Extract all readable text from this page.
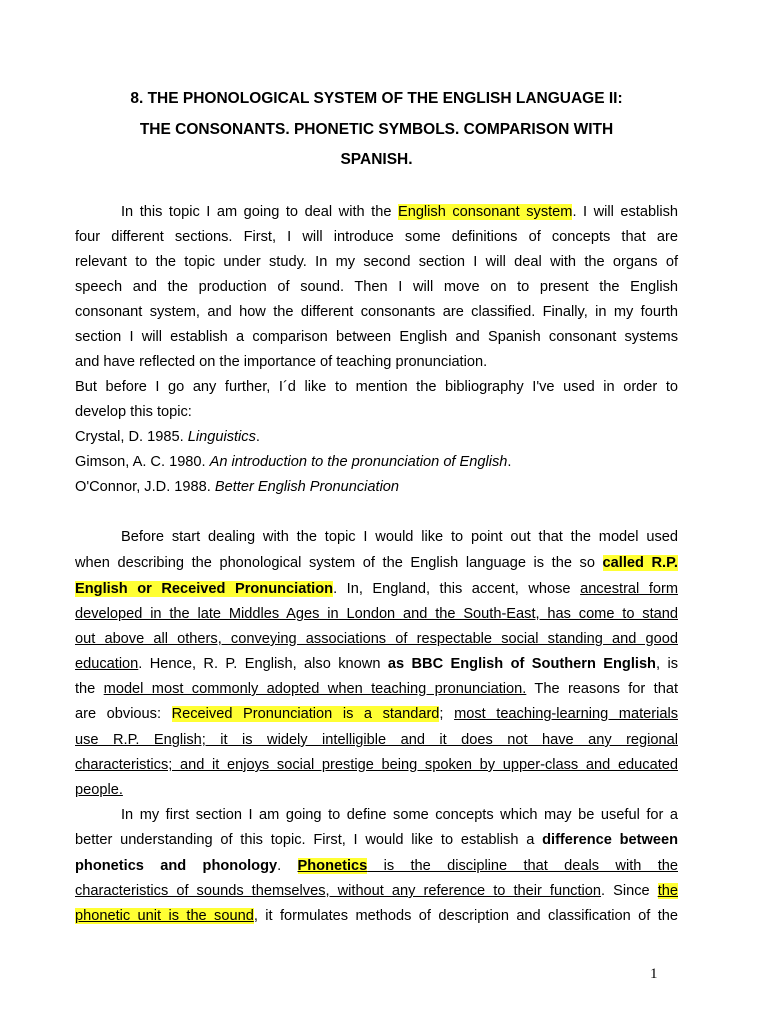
8. THE PHONOLOGICAL SYSTEM OF THE ENGLISH LANGUAGE II:
THE CONSONANTS. PHONETIC SYMBOLS. COMPARISON WITH
SPANISH.
In this topic I am going to deal with the English consonant system. I will establish
four different sections. First, I will introduce some definitions of concepts that are
relevant to the topic under study. In my second section I will deal with the organs of
speech and the production of sound. Then I will move on to present the English
consonant system, and how the different consonants are classified. Finally, in my fourth
section I will establish a comparison between English and Spanish consonant systems
and have reflected on the importance of teaching pronunciation.
But before I go any further, I´d like to mention the bibliography I've used in order to
develop this topic:
Crystal, D. 1985. Linguistics.
Gimson, A. C. 1980. An introduction to the pronunciation of English.
O'Connor, J.D. 1988. Better English Pronunciation
Before start dealing with the topic I would like to point out that the model used
when describing the phonological system of the English language is the so called R.P.
English or Received Pronunciation. In, England, this accent, whose ancestral form
developed in the late Middles Ages in London and the South-East, has come to stand
out above all others, conveying associations of respectable social standing and good
education. Hence, R. P. English, also known as BBC English of Southern English, is
the model most commonly adopted when teaching pronunciation. The reasons for that
are obvious: Received Pronunciation is a standard; most teaching-learning materials
use R.P. English; it is widely intelligible and it does not have any regional
characteristics; and it enjoys social prestige being spoken by upper-class and educated
people.
In my first section I am going to define some concepts which may be useful for a
better understanding of this topic. First, I would like to establish a difference between
phonetics and phonology. Phonetics is the discipline that deals with the
characteristics of sounds themselves, without any reference to their function. Since the
phonetic unit is the sound, it formulates methods of description and classification of the
1
